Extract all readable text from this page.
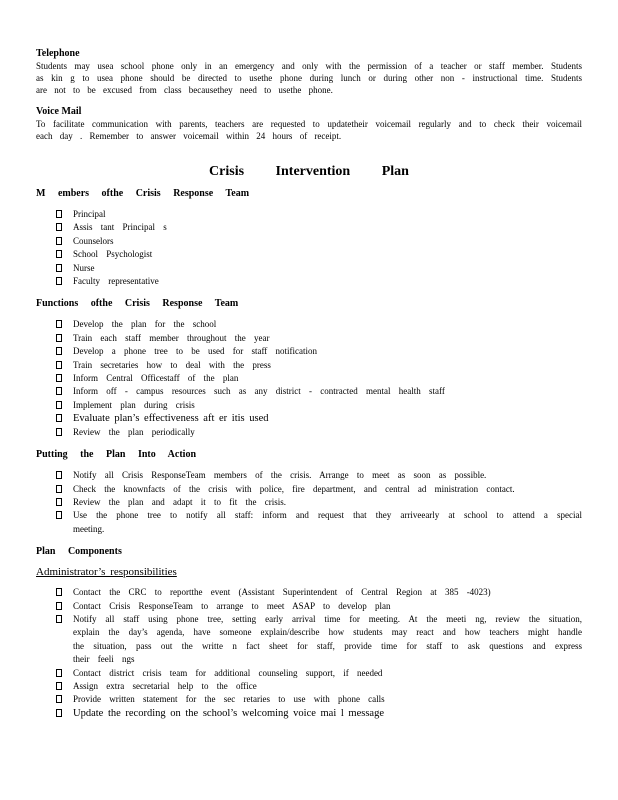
Telephone

Students may usea school phone only in an emergency and only with the permission of a teacher or staff member. Students as kin g to usea phone should be directed to usethe phone during lunch or during other non - instructional time. Students are not to be excused from class becausethey need to usethe phone.

Voice Mail

To facilitate communication with parents, teachers are requested to updatetheir voicemail regularly and to check their voicemail each day . Remember to answer voicemail within 24 hours of receipt.

Crisis Intervention Plan

M embers ofthe Crisis Response Team

Principal
Assis tant Principal s
Counselors
School Psychologist
Nurse
Faculty representative

Functions ofthe Crisis Response Team

Develop the plan for the school
Train each staff member throughout the year
Develop a phone tree to be used for staff notification
Train secretaries how to deal with the press
Inform Central Officestaff of the plan
Inform off - campus resources such as any district - contracted mental health staff
Implement plan during crisis
Evaluate plan’s effectiveness aft er itis used
Review the plan periodically

Putting the Plan Into Action

Notify all Crisis ResponseTeam members of the crisis. Arrange to meet as soon as possible.
Check the knownfacts of the crisis with police, fire department, and central ad ministration contact.
Review the plan and adapt it to fit the crisis.
Use the phone tree to notify all staff: inform and request that they arriveearly at school to attend a special meeting.

Plan Components

Administrator’s responsibilities

Contact the CRC to reportthe event (Assistant Superintendent of Central Region at 385 -4023)
Contact Crisis ResponseTeam to arrange to meet ASAP to develop plan
Notify all staff using phone tree, setting early arrival time for meeting. At the meeti ng, review the situation, explain the day’s agenda, have someone explain/describe how students may react and how teachers might handle the situation, pass out the writte n fact sheet for staff, provide time for staff to ask questions and express their feeli ngs
Contact district crisis team for additional counseling support, if needed
Assign extra secretarial help to the office
Provide written statement for the sec retaries to use with phone calls
Update the recording on the school’s welcoming voice mai l message
